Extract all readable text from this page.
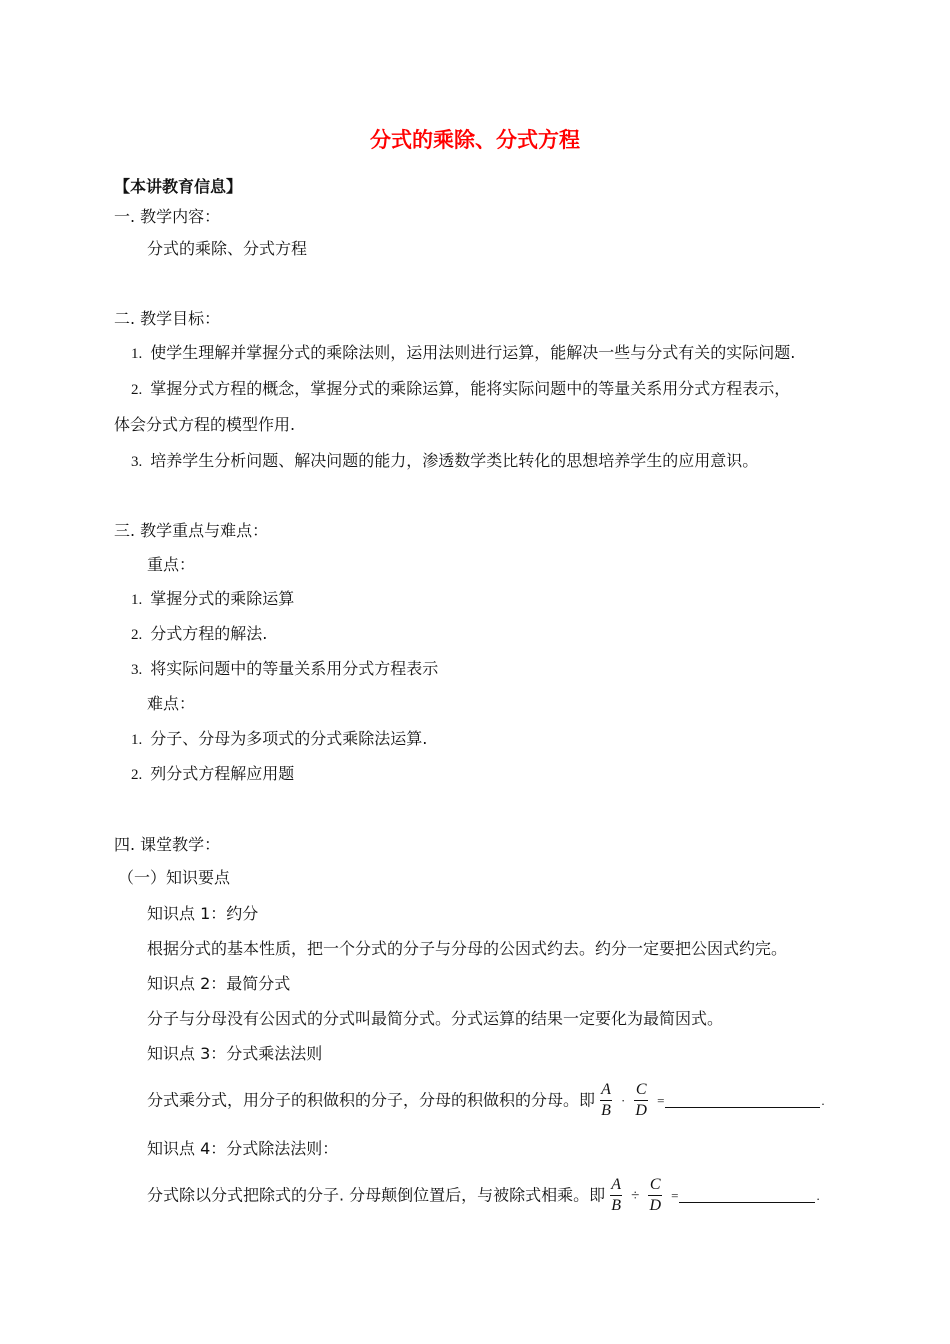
分式的乘除、分式方程
【本讲教育信息】
一. 教学内容：
分式的乘除、分式方程
二. 教学目标：
1. 使学生理解并掌握分式的乘除法则，运用法则进行运算，能解决一些与分式有关的实际问题.
2. 掌握分式方程的概念，掌握分式的乘除运算，能将实际问题中的等量关系用分式方程表示，
体会分式方程的模型作用.
3. 培养学生分析问题、解决问题的能力，渗透数学类比转化的思想培养学生的应用意识。
三. 教学重点与难点：
重点：
1. 掌握分式的乘除运算
2. 分式方程的解法.
3. 将实际问题中的等量关系用分式方程表示
难点：
1. 分子、分母为多项式的分式乘除法运算.
2. 列分式方程解应用题
四. 课堂教学：
（一）知识要点
知识点 1：约分
根据分式的基本性质，把一个分式的分子与分母的公因式约去。约分一定要把公因式约完。
知识点 2：最简分式
分子与分母没有公因式的分式叫最简分式。分式运算的结果一定要化为最简因式。
知识点 3：分式乘法法则
分式乘分式，用分子的积做积的分子，分母的积做积的分母。即 $\frac{A}{B} \cdot \frac{C}{D}$ =	.
知识点 4：分式除法法则：
分式除以分式把除式的分子. 分母颠倒位置后，与被除式相乘。即 $\frac{A}{B} \div \frac{C}{D}$ =	.
